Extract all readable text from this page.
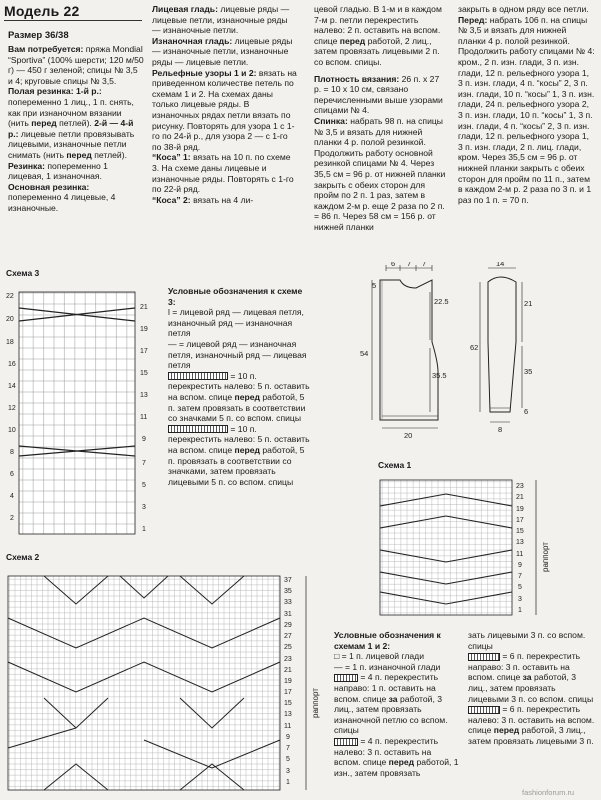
Модель 22
Размер 36/38

Вам потребуется: пряжа Mondial “Sportiva” (100% шерсти; 120 м/50 г) — 450 г зеленой; спицы № 3,5 и 4; круговые спицы № 3,5.

Полая резинка: 1-й р.: попеременно 1 лиц., 1 п. снять, как при изнаночном вязании (нить перед петлей). 2-й — 4-й р.: лицевые петли провязывать лицевыми, изнаночные петли снимать (нить перед петлей).

Резинка: попеременно 1 лицевая, 1 изнаночная.

Основная резинка: попеременно 4 лицевые, 4 изнаночные.

Лицевая гладь: лицевые ряды — лицевые петли, изнаночные ряды — изнаночные петли.

Изнаночная гладь: лицевые ряды — изнаночные петли, изнаночные ряды — лицевые петли.

Рельефные узоры 1 и 2: вязать на приведенном количестве петель по схемам 1 и 2. На схемах даны только лицевые ряды. В изнаночных рядах петли вязать по рисунку. Повторять для узора 1 с 1-го по 24-й р., для узора 2 — с 1-го по 38-й ряд.

“Коса” 1: вязать на 10 п. по схеме 3. На схеме даны лицевые и изнаночные ряды. Повторять с 1-го по 22-й ряд.

“Коса” 2: вязать на 4 ли-

цевой гладью. В 1-м и в каждом 7-м р. петли перекрестить налево: 2 п. оставить на вспом. спице перед работой, 2 лиц., затем провязать лицевыми 2 п. со вспом. спицы.

Плотность вязания: 26 п. х 27 р. = 10 х 10 см, связано перечисленными выше узорами спицами № 4.

Спинка: набрать 98 п. на спицы № 3,5 и вязать для нижней планки 4 р. полой резинкой. Продолжить работу основной резинкой спицами № 4. Через 35,5 см = 96 р. от нижней планки закрыть с обеих сторон для пройм по 2 п. 1 раз, затем в каждом 2-м р. еще 2 раза по 2 п. = 86 п. Через 58 см = 156 р. от нижней планки

закрыть в одном ряду все петли.

Перед: набрать 106 п. на спицы № 3,5 и вязать для нижней планки 4 р. полой резинкой. Продолжить работу спицами № 4: кром., 2 п. изн. глади, 3 п. изн. глади, 12 п. рельефного узора 1, 3 п. изн. глади, 4 п. “косы” 2, 3 п. изн. глади, 10 п. “косы” 1, 3 п. изн. глади, 24 п. рельефного узора 2, 3 п. изн. глади, 10 п. “косы” 1, 3 п. изн. глади, 4 п. “косы” 2, 3 п. изн. глади, 12 п. рельефного узора 1, 3 п. изн. глади, 2 п. лиц. глади, кром. Через 35,5 см = 96 р. от нижней планки закрыть с обеих сторон для пройм по 11 п., затем в каждом 2-м р. 2 раза по 3 п. и 1 раз по 1 п. = 70 п.

Схема 3
22
20
18
21
19
17
15
13
11
9
7
5
3
1
16
14
12
10
8
6
4
2

Условные обозначения к схеме 3:

l = лицевой ряд — лицевая петля, изнаночный ряд — изнаночная петля

— = лицевой ряд — изнаночная петля, изнаночный ряд — лицевая петля

= 10 п. перекрестить налево: 5 п. оставить на вспом. спице перед работой, 5 п. затем провязать в соответствии со значками 5 п. со вспом. спицы

= 10 п. перекрестить налево: 5 п. оставить на вспом. спице перед работой, 5 п. провязать в соответствии со значками, затем провязать лицевыми 5 п. со вспом. спицы

6 7 7
5
22.5
54
35.5
20
14
21
62
35
6
8
Схема 1
23
21
19
17
15
13
11
9
7
5
3
1
раппорт
Схема 2
37
35
33
31
29
27
25
23
21
19
17
15
13
11
9
7
5
3
1
раппорт

Условные обозначения к схемам 1 и 2:

□ = 1 п. лицевой глади

— = 1 п. изнаночной глади

= 4 п. перекрестить направо: 1 п. оставить на вспом. спице за работой, 3 лиц., затем провязать изнаночной петлю со вспом. спицы

= 4 п. перекрестить налево: 3 п. оставить на вспом. спице перед работой, 1 изн., затем провязать

зать лицевыми 3 п. со вспом. спицы

= 6 п. перекрестить направо: 3 п. оставить на вспом. спице за работой, 3 лиц., затем провязать лицевыми 3 п. со вспом. спицы

= 6 п. перекрестить налево: 3 п. оставить на вспом. спице перед работой, 3 лиц., затем провязать лицевыми 3 п.

fashionforum.ru
